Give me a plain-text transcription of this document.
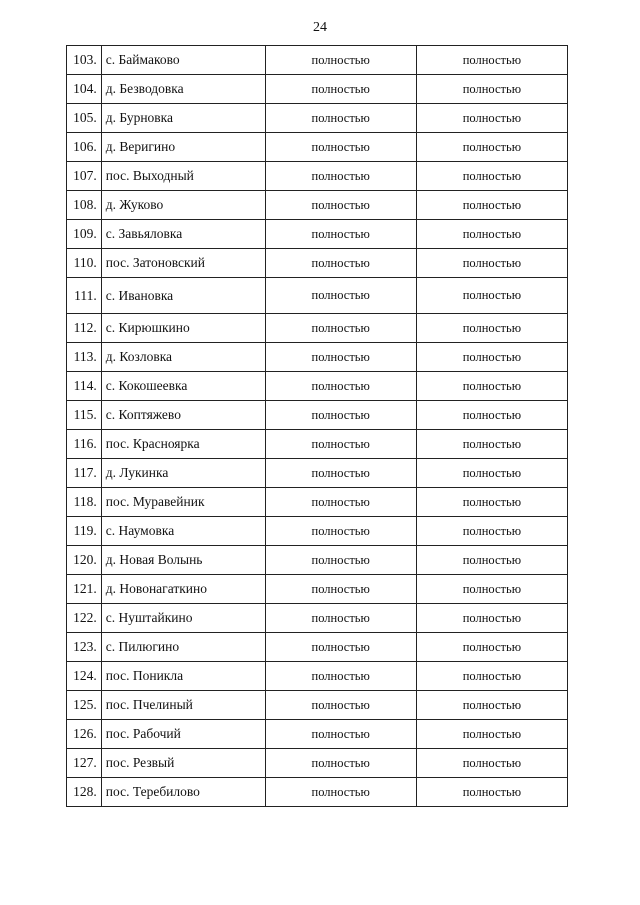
24
103.	с. Баймаково	полностью	полностью
104.	д. Безводовка	полностью	полностью
105.	д. Бурновка	полностью	полностью
106.	д. Веригино	полностью	полностью
107.	пос. Выходный	полностью	полностью
108.	д. Жуково	полностью	полностью
109.	с. Завьяловка	полностью	полностью
110.	пос. Затоновский	полностью	полностью
111.	с. Ивановка	полностью	полностью
112.	с. Кирюшкино	полностью	полностью
113.	д. Козловка	полностью	полностью
114.	с. Кокошеевка	полностью	полностью
115.	с. Коптяжево	полностью	полностью
116.	пос. Красноярка	полностью	полностью
117.	д. Лукинка	полностью	полностью
118.	пос. Муравейник	полностью	полностью
119.	с. Наумовка	полностью	полностью
120.	д. Новая Волынь	полностью	полностью
121.	д. Новонагаткино	полностью	полностью
122.	с. Нуштайкино	полностью	полностью
123.	с. Пилюгино	полностью	полностью
124.	пос. Поникла	полностью	полностью
125.	пос. Пчелиный	полностью	полностью
126.	пос. Рабочий	полностью	полностью
127.	пос. Резвый	полностью	полностью
128.	пос. Теребилово	полностью	полностью
